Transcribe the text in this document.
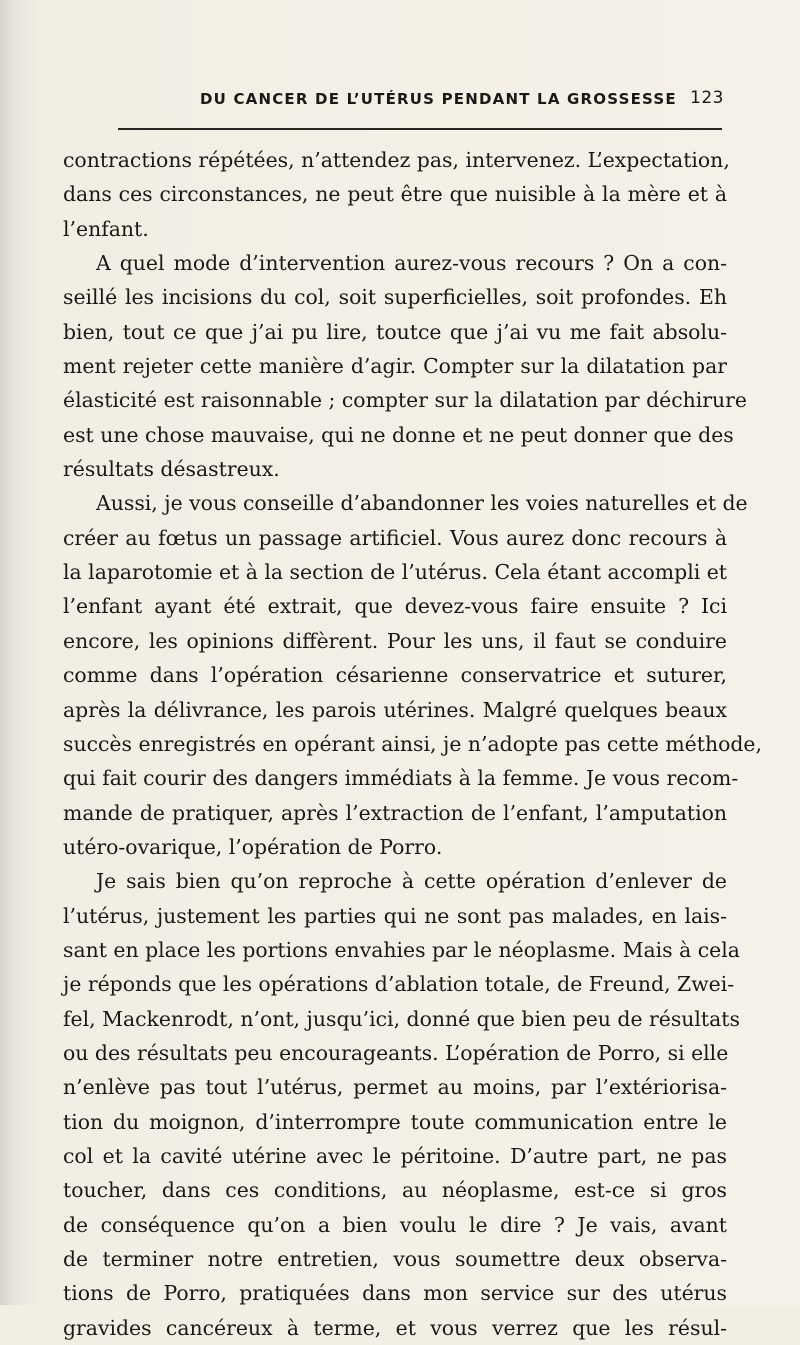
DU CANCER DE L’UTÉRUS PENDANT LA GROSSESSE 123
contractions répétées, n’attendez pas, intervenez. L’expectation,
dans ces circonstances, ne peut être que nuisible à la mère et à
l’enfant.
A quel mode d’intervention aurez-vous recours ? On a con-
seillé les incisions du col, soit superficielles, soit profondes. Eh
bien, tout ce que j’ai pu lire, toutce que j’ai vu me fait absolu-
ment rejeter cette manière d’agir. Compter sur la dilatation par
élasticité est raisonnable ; compter sur la dilatation par déchirure
est une chose mauvaise, qui ne donne et ne peut donner que des
résultats désastreux.
Aussi, je vous conseille d’abandonner les voies naturelles et de
créer au fœtus un passage artificiel. Vous aurez donc recours à
la laparotomie et à la section de l’utérus. Cela étant accompli et
l’enfant ayant été extrait, que devez-vous faire ensuite ? Ici
encore, les opinions diffèrent. Pour les uns, il faut se conduire
comme dans l’opération césarienne conservatrice et suturer,
après la délivrance, les parois utérines. Malgré quelques beaux
succès enregistrés en opérant ainsi, je n’adopte pas cette méthode,
qui fait courir des dangers immédiats à la femme. Je vous recom-
mande de pratiquer, après l’extraction de l’enfant, l’amputation
utéro-ovarique, l’opération de Porro.
Je sais bien qu’on reproche à cette opération d’enlever de
l’utérus, justement les parties qui ne sont pas malades, en lais-
sant en place les portions envahies par le néoplasme. Mais à cela
je réponds que les opérations d’ablation totale, de Freund, Zwei-
fel, Mackenrodt, n’ont, jusqu’ici, donné que bien peu de résultats
ou des résultats peu encourageants. L’opération de Porro, si elle
n’enlève pas tout l’utérus, permet au moins, par l’extériorisa-
tion du moignon, d’interrompre toute communication entre le
col et la cavité utérine avec le péritoine. D’autre part, ne pas
toucher, dans ces conditions, au néoplasme, est-ce si gros
de conséquence qu’on a bien voulu le dire ? Je vais, avant
de terminer notre entretien, vous soumettre deux observa-
tions de Porro, pratiquées dans mon service sur des utérus
gravides cancéreux à terme, et vous verrez que les résul-
